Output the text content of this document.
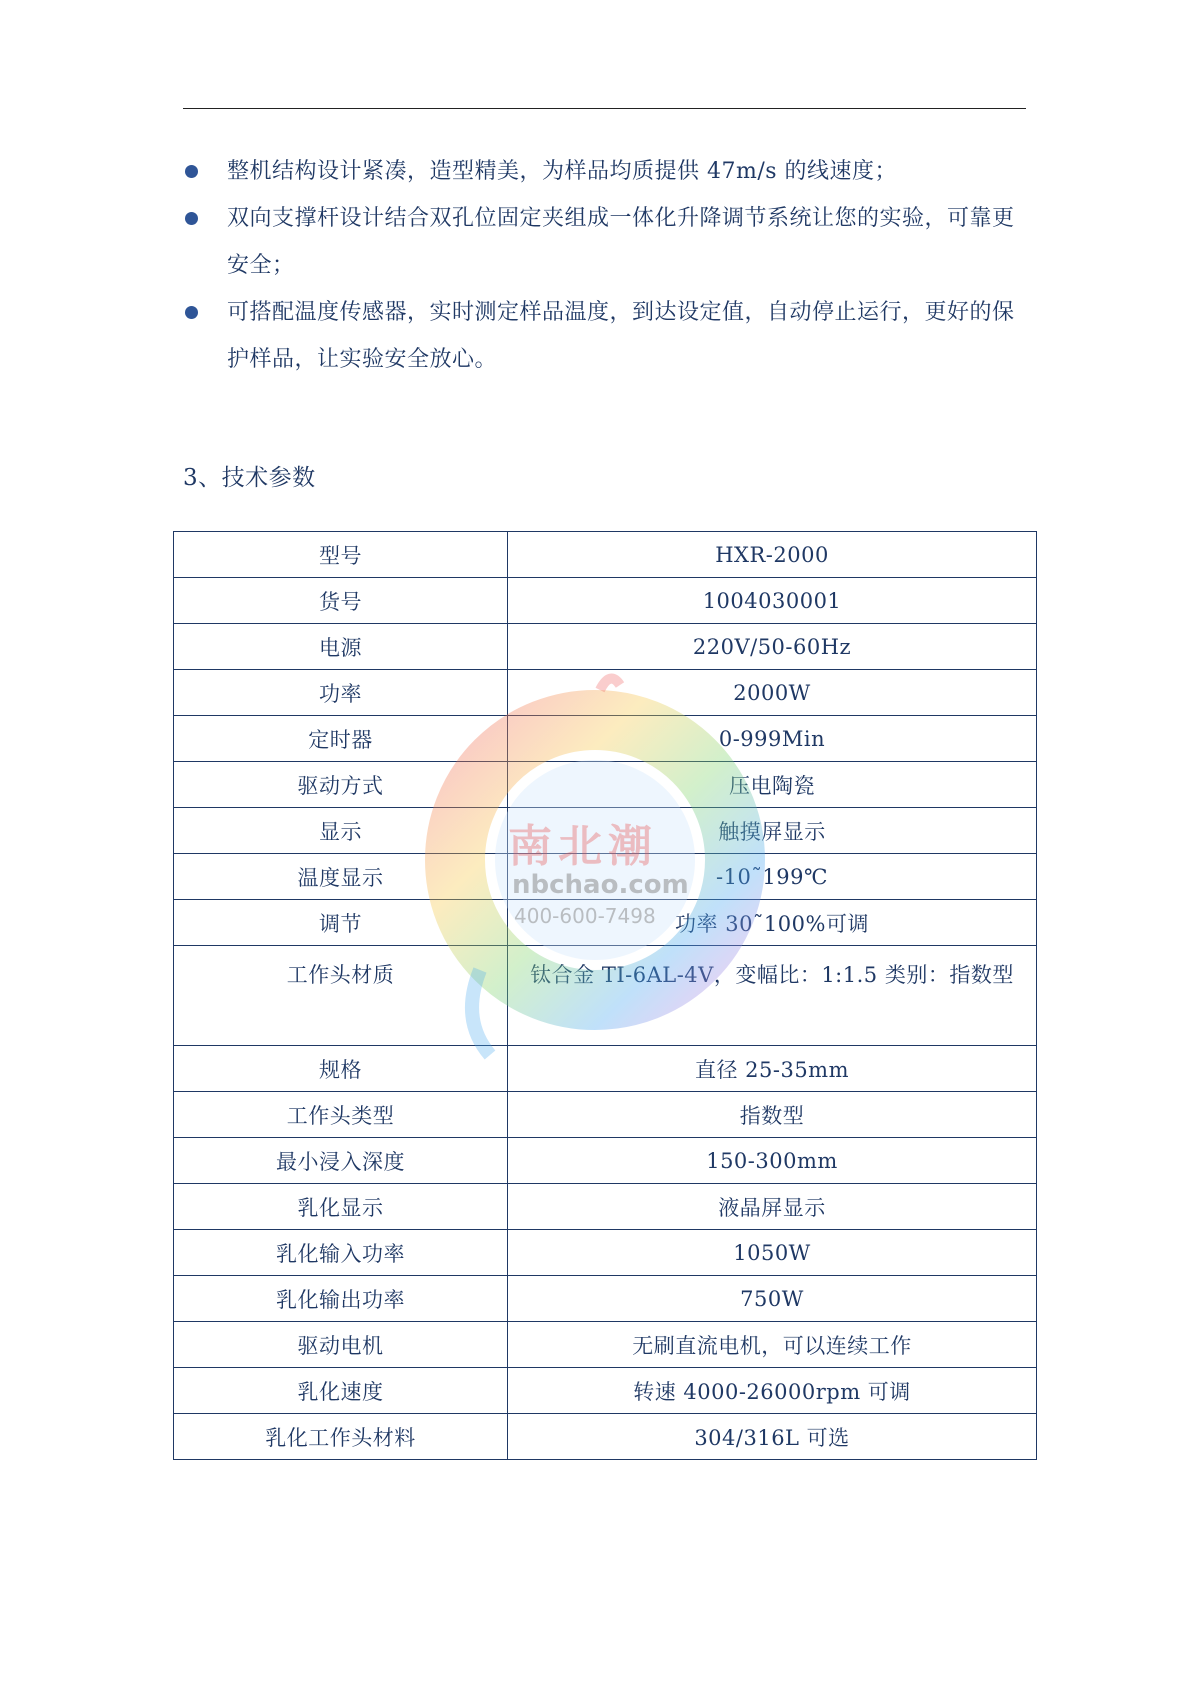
整机结构设计紧凑，造型精美，为样品均质提供 47m/s 的线速度；
双向支撑杆设计结合双孔位固定夹组成一体化升降调节系统让您的实验，可靠更安全；
可搭配温度传感器，实时测定样品温度，到达设定值，自动停止运行，更好的保护样品，让实验安全放心。
3、技术参数
型号	HXR-2000
货号	1004030001
电源	220V/50-60Hz
功率	2000W
定时器	0-999Min
驱动方式	压电陶瓷
显示	触摸屏显示
温度显示	-10˜199℃
调节	功率 30˜100%可调
工作头材质	钛合金 TI-6AL-4V，变幅比：1:1.5 类别：指数型
规格	直径 25-35mm
工作头类型	指数型
最小浸入深度	150-300mm
乳化显示	液晶屏显示
乳化输入功率	1050W
乳化输出功率	750W
驱动电机	无刷直流电机，可以连续工作
乳化速度	转速 4000-26000rpm 可调
乳化工作头材料	304/316L 可选
南北潮
nbchao.com
400-600-7498
